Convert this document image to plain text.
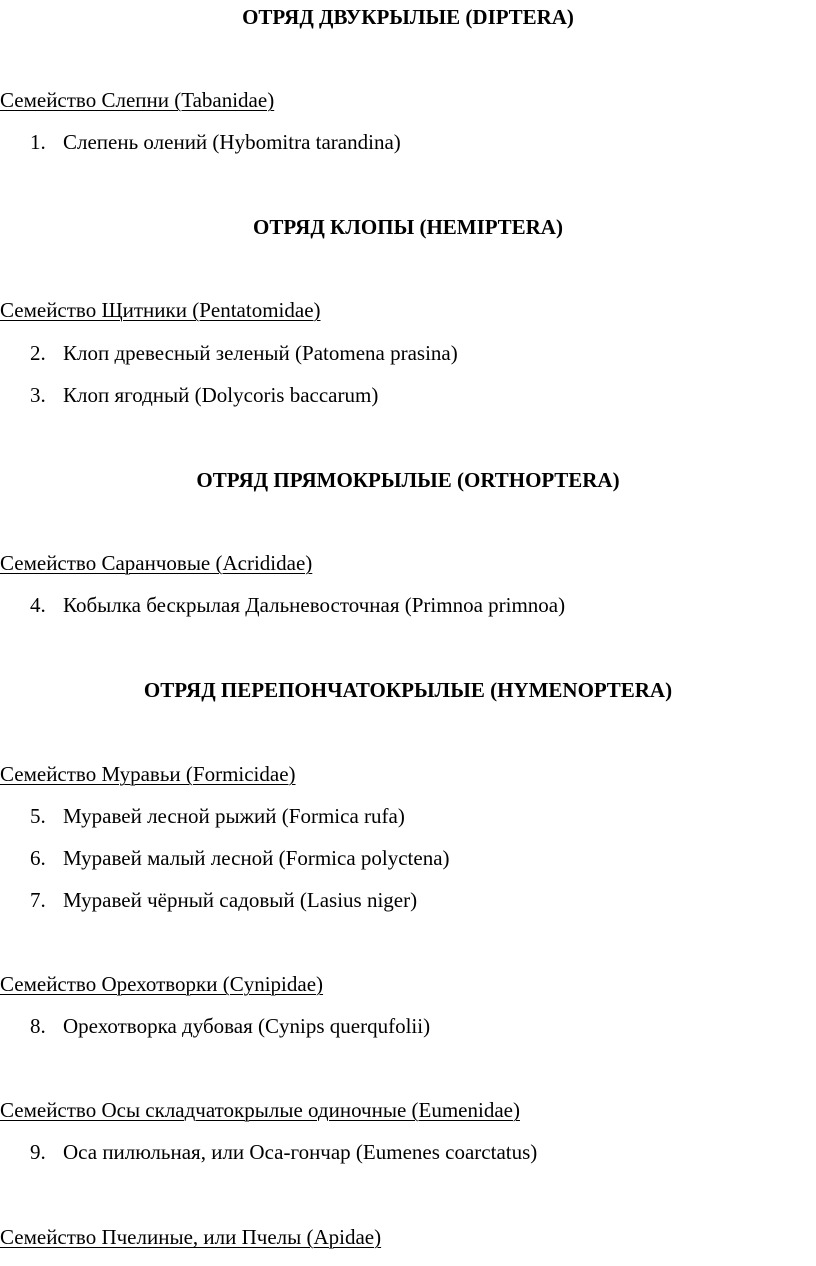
ОТРЯД ДВУКРЫЛЫЕ (DIPTERA)
Семейство Слепни (Tabanidae)
1. Слепень олений (Hybomitra tarandina)
ОТРЯД КЛОПЫ (HEMIPTERA)
Семейство Щитники (Pentatomidae)
2. Клоп древесный зеленый (Patomena prasina)
3. Клоп ягодный (Dolycoris baccarum)
ОТРЯД ПРЯМОКРЫЛЫЕ (ORTHOPTERA)
Семейство Саранчовые (Acrididae)
4. Кобылка бескрылая Дальневосточная (Primnoa primnoa)
ОТРЯД ПЕРЕПОНЧАТОКРЫЛЫЕ (HYMENOPTERA)
Семейство Муравьи (Formicidae)
5. Муравей лесной рыжий (Formica rufa)
6. Муравей малый лесной (Formica polyctena)
7. Муравей чёрный садовый (Lasius niger)
Семейство Орехотворки (Cynipidae)
8. Орехотворка дубовая (Cynips querqufolii)
Семейство Осы складчатокрылые одиночные (Eumenidae)
9. Оса пилюльная, или Оса-гончар (Eumenes coarctatus)
Семейство Пчелиные, или Пчелы (Apidae)
